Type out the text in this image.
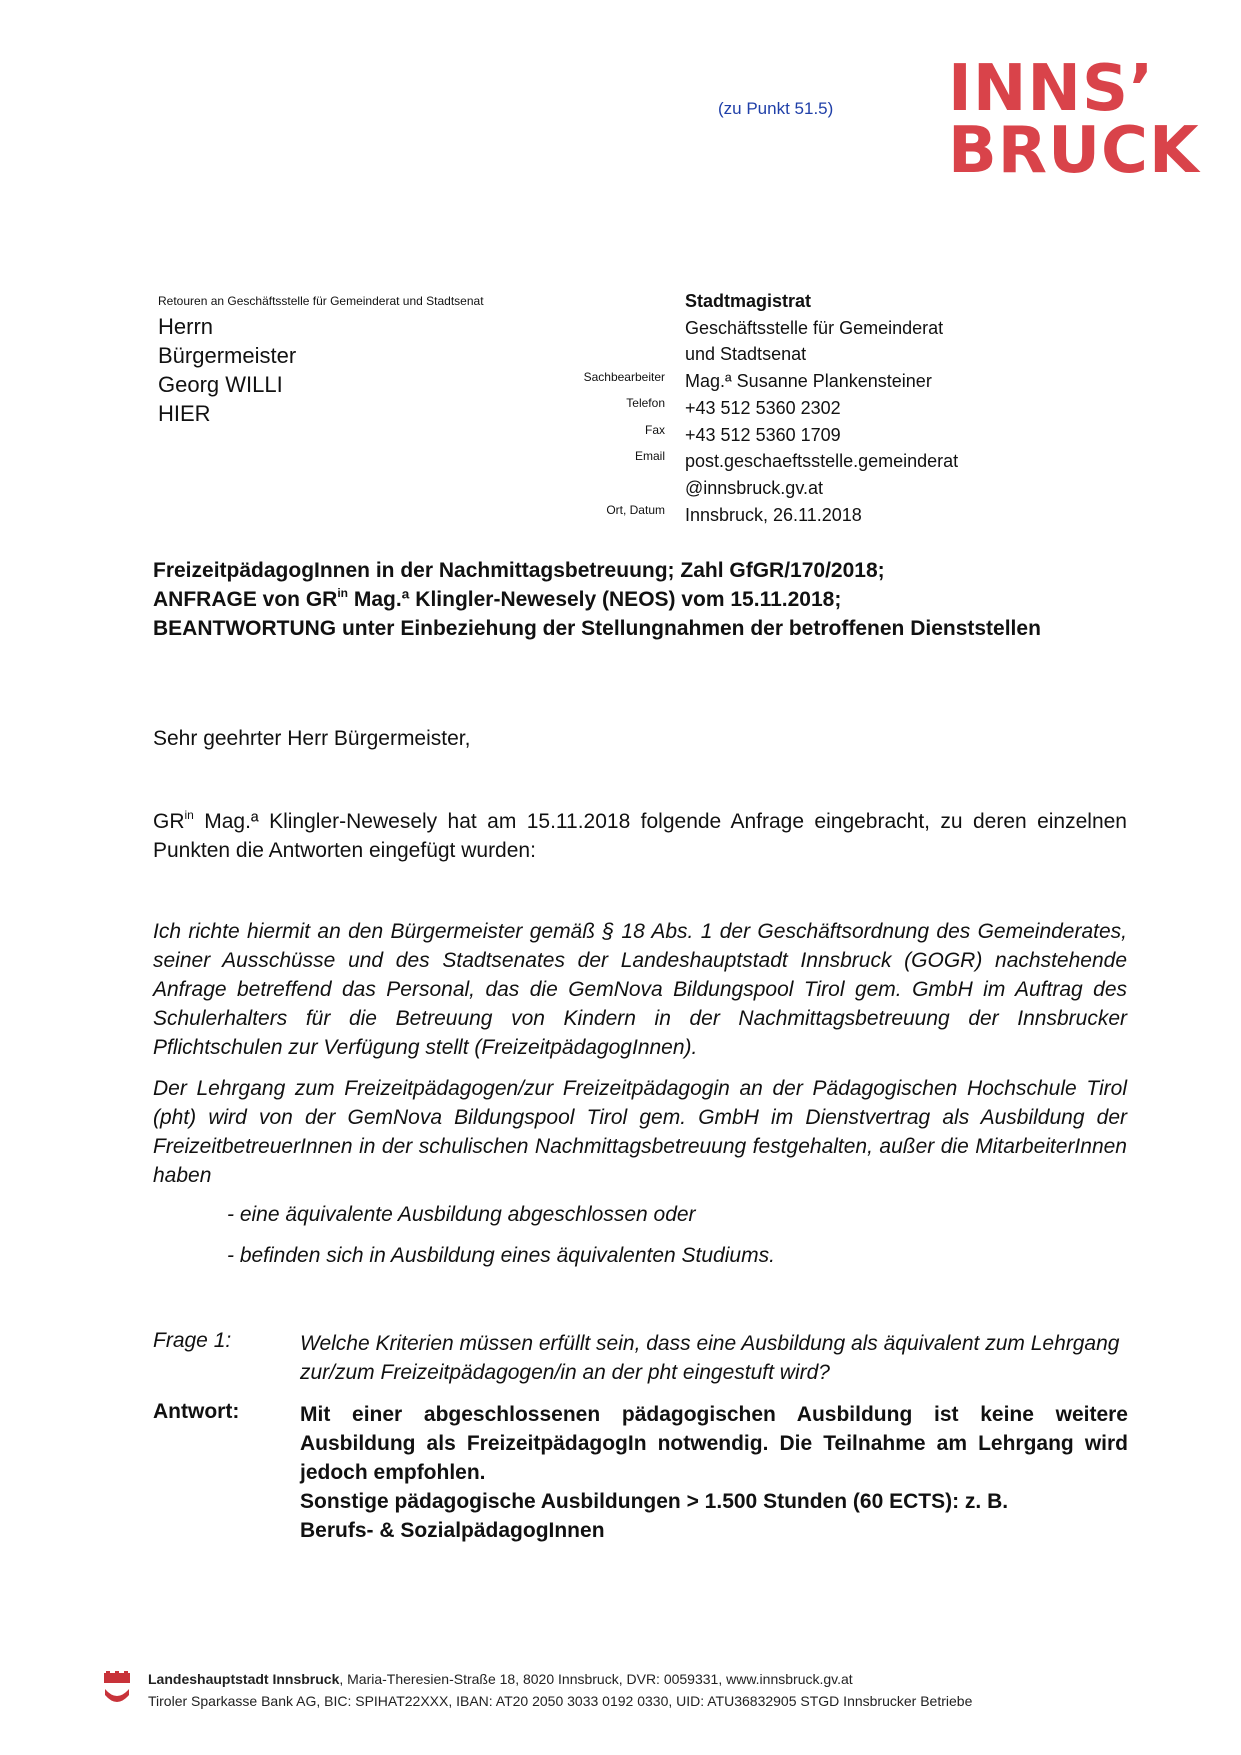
(zu Punkt 51.5) INNS’
BRUCK
Retouren an Geschäftsstelle für Gemeinderat und Stadtsenat
Herrn
Bürgermeister
Georg WILLI
HIER
Stadtmagistrat
Geschäftsstelle für Gemeinderat
und Stadtsenat
Mag.ª Susanne Plankensteiner
+43 512 5360 2302
+43 512 5360 1709
post.geschaeftsstelle.gemeinderat
@innsbruck.gv.at
Innsbruck, 26.11.2018
Sachbearbeiter
Telefon
Fax
Email
Ort, Datum
FreizeitpädagogInnen in der Nachmittagsbetreuung; Zahl GfGR/170/2018;
ANFRAGE von $GR^{in}$ Mag.ª Klingler-Newesely (NEOS) vom 15.11.2018;
BEANTWORTUNG unter Einbeziehung der Stellungnahmen der betroffenen Dienststellen
Sehr geehrter Herr Bürgermeister,
$GR^{in}$ Mag.ª Klingler-Newesely hat am 15.11.2018 folgende Anfrage eingebracht, zu deren einzelnen Punkten die Antworten eingefügt wurden:
Ich richte hiermit an den Bürgermeister gemäß § 18 Abs. 1 der Geschäftsordnung des Gemeinderates, seiner Ausschüsse und des Stadtsenates der Landeshauptstadt Innsbruck (GOGR) nachstehende Anfrage betreffend das Personal, das die GemNova Bildungspool Tirol gem. GmbH im Auftrag des Schulerhalters für die Betreuung von Kindern in der Nachmittagsbetreuung der Innsbrucker Pflichtschulen zur Verfügung stellt (FreizeitpädagogInnen).
Der Lehrgang zum Freizeitpädagogen/zur Freizeitpädagogin an der Pädagogischen Hochschule Tirol (pht) wird von der GemNova Bildungspool Tirol gem. GmbH im Dienstvertrag als Ausbildung der FreizeitbetreuerInnen in der schulischen Nachmittagsbetreuung festgehalten, außer die MitarbeiterInnen haben
- eine äquivalente Ausbildung abgeschlossen oder
- befinden sich in Ausbildung eines äquivalenten Studiums.
Frage 1:	Welche Kriterien müssen erfüllt sein, dass eine Ausbildung als äquivalent zum Lehrgang zur/zum Freizeitpädagogen/in an der pht eingestuft wird?
Antwort:	Mit einer abgeschlossenen pädagogischen Ausbildung ist keine weitere Ausbildung als FreizeitpädagogIn notwendig. Die Teilnahme am Lehrgang wird jedoch empfohlen.
Sonstige pädagogische Ausbildungen > 1.500 Stunden (60 ECTS): z. B.
Berufs- & SozialpädagogInnen
Landeshauptstadt Innsbruck, Maria-Theresien-Straße 18, 8020 Innsbruck, DVR: 0059331, www.innsbruck.gv.at
Tiroler Sparkasse Bank AG, BIC: SPIHAT22XXX, IBAN: AT20 2050 3033 0192 0330, UID: ATU36832905 STGD Innsbrucker Betriebe
